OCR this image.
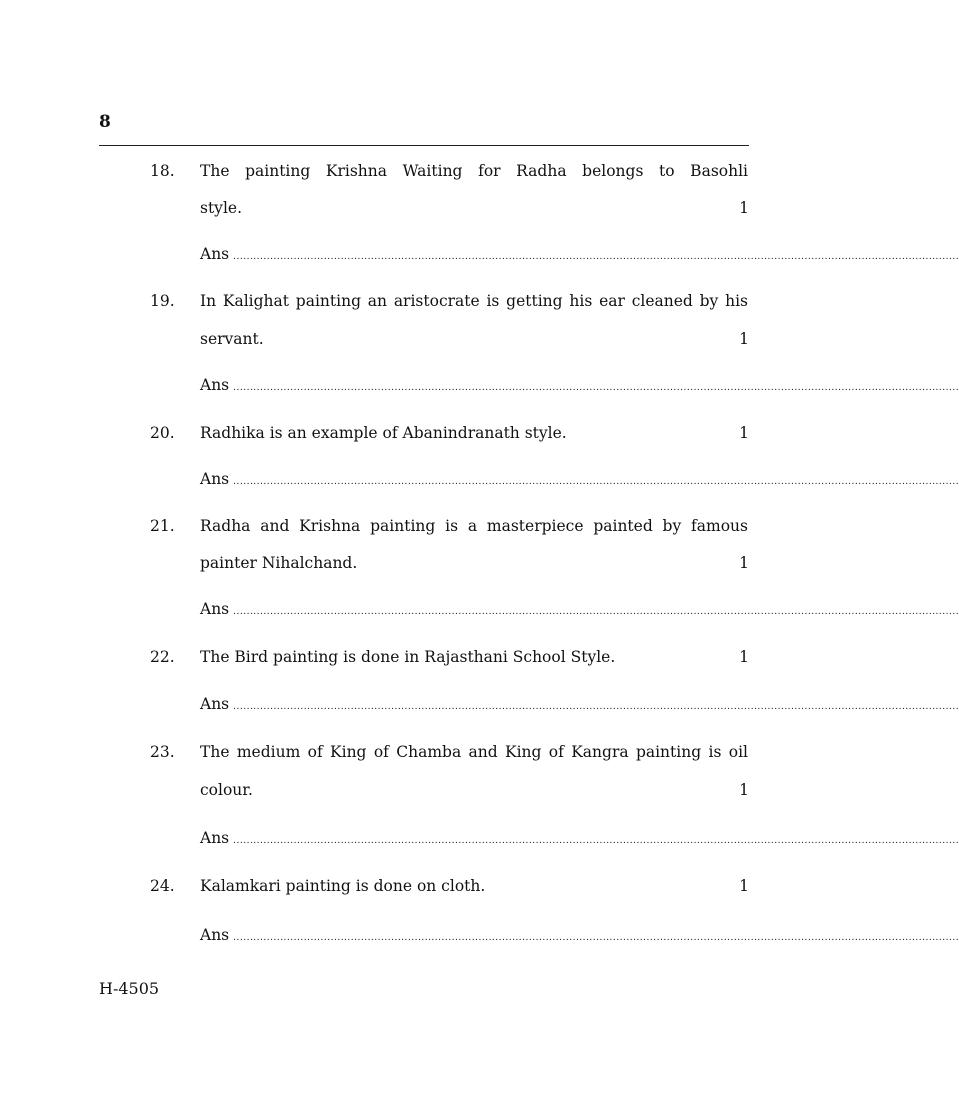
8
18. The painting Krishna Waiting for Radha belongs to Basohli
style.	1
Ans ........................................................................................................................................................................................................................
19. In Kalighat painting an aristocrate is getting his ear cleaned by his
servant.	1
Ans ........................................................................................................................................................................................................................
20. Radhika is an example of Abanindranath style.	1
Ans ........................................................................................................................................................................................................................
21. Radha and Krishna painting is a masterpiece painted by famous
painter Nihalchand.	1
Ans ........................................................................................................................................................................................................................
22. The Bird painting is done in Rajasthani School Style.	1
Ans ........................................................................................................................................................................................................................
23. The medium of King of Chamba and King of Kangra painting is oil
colour.	1
Ans ........................................................................................................................................................................................................................
24. Kalamkari painting is done on cloth.	1
Ans ........................................................................................................................................................................................................................
H-4505
